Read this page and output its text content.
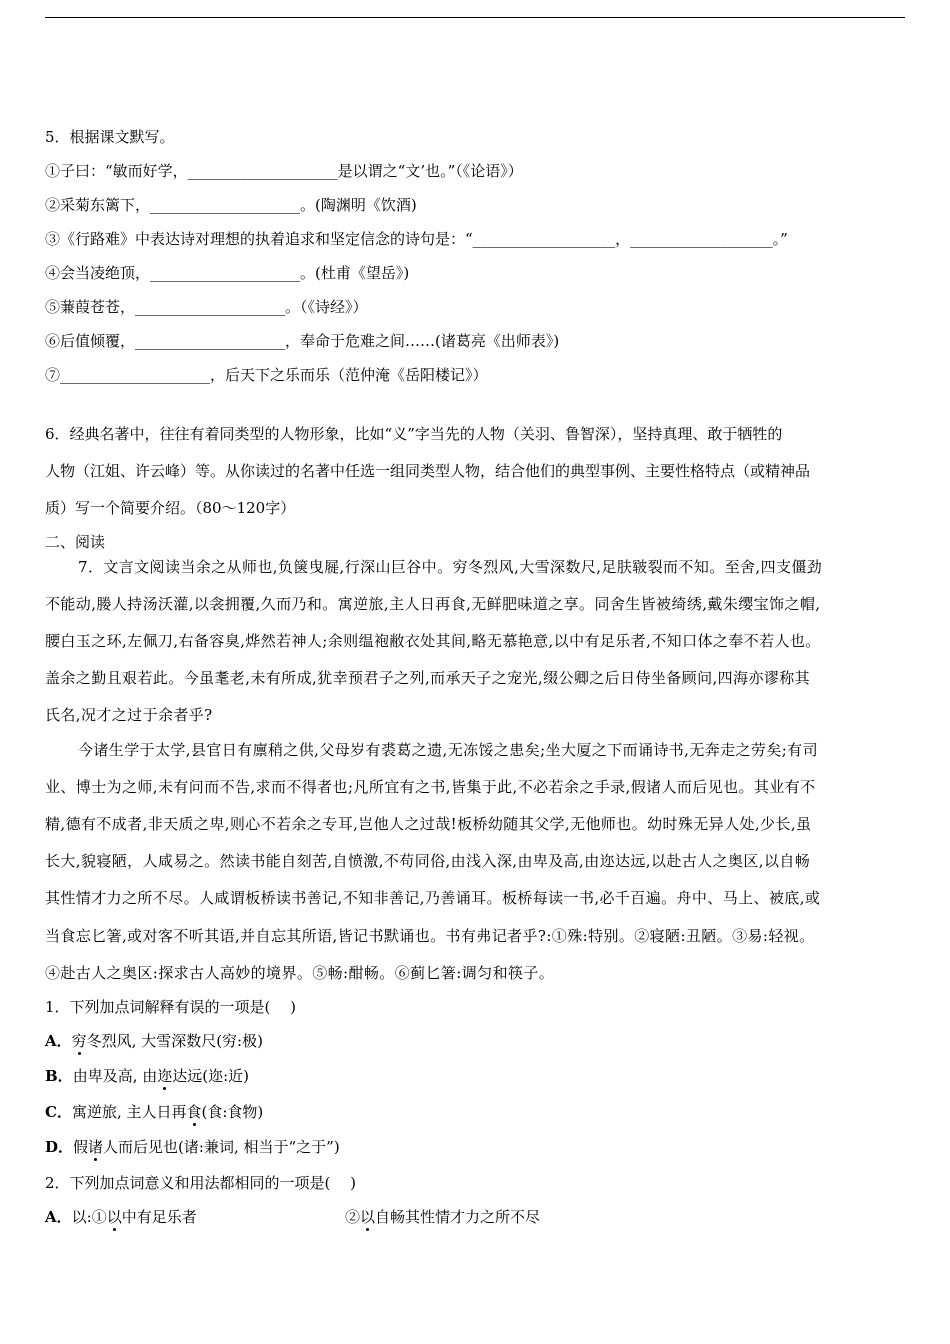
5．根据课文默写。
①子曰：“敏而好学，____________________是以谓之“文’也。”（《论语》）
②采菊东篱下，____________________。(陶渊明《饮酒)
③《行路难》中表达诗对理想的执着追求和坚定信念的诗句是：“___________________，___________________。”
④会当凌绝顶，____________________。(杜甫《望岳》)
⑤蒹葭苍苍，____________________。（《诗经》）
⑥后值倾覆，____________________，奉命于危难之间……(诸葛亮《出师表》)
⑦____________________，后天下之乐而乐（范仲淹《岳阳楼记》）
6．经典名著中，往往有着同类型的人物形象，比如“义”字当先的人物（关羽、鲁智深），坚持真理、敢于牺牲的
人物（江姐、许云峰）等。从你读过的名著中任选一组同类型人物，结合他们的典型事例、主要性格特点（或精神品
质）写一个简要介绍。（80～120字）
二、阅读
7．文言文阅读当余之从师也,负箧曳屣,行深山巨谷中。穷冬烈风,大雪深数尺,足肤皲裂而不知。至舍,四支僵劲
不能动,媵人持汤沃灌,以衾拥覆,久而乃和。寓逆旅,主人日再食,无鲜肥味道之享。同舍生皆被绮绣,戴朱缨宝饰之帽,
腰白玉之环,左佩刀,右备容臭,烨然若神人;余则缊袍敝衣处其间,略无慕艳意,以中有足乐者,不知口体之奉不若人也。
盖余之勤且艰若此。今虽耄老,未有所成,犹幸预君子之列,而承天子之宠光,缀公卿之后日侍坐备顾问,四海亦谬称其
氏名,况才之过于余者乎?
今诸生学于太学,县官日有廪稍之供,父母岁有裘葛之遗,无冻馁之患矣;坐大厦之下而诵诗书,无奔走之劳矣;有司
业、博士为之师,未有问而不告,求而不得者也;凡所宜有之书,皆集于此,不必若余之手录,假诸人而后见也。其业有不
精,德有不成者,非天质之卑,则心不若余之专耳,岂他人之过哉!板桥幼随其父学,无他师也。幼时殊无异人处,少长,虽
长大,貌寝陋，人咸易之。然读书能自刻苦,自愤激,不苟同俗,由浅入深,由卑及高,由迩达远,以赴古人之奥区,以自畅
其性情才力之所不尽。人咸谓板桥读书善记,不知非善记,乃善诵耳。板桥每读一书,必千百遍。舟中、马上、被底,或
当食忘匕箸,或对客不听其语,并自忘其所语,皆记书默诵也。书有弗记者乎?:①殊:特别。②寝陋:丑陋。③易:轻视。
④赴古人之奥区:探求古人高妙的境界。⑤畅:酣畅。⑥蓟匕箸:调匀和筷子。
1．下列加点词解释有误的一项是(　 )
A．穷冬烈风, 大雪深数尺(穷:极)
B．由卑及高, 由迩达远(迩:近)
C．寓逆旅, 主人日再食(食:食物)
D．假诸人而后见也(诸:兼词, 相当于“之于”)
2．下列加点词意义和用法都相同的一项是(　 )
A．以:①以中有足乐者	②以自畅其性情才力之所不尽
